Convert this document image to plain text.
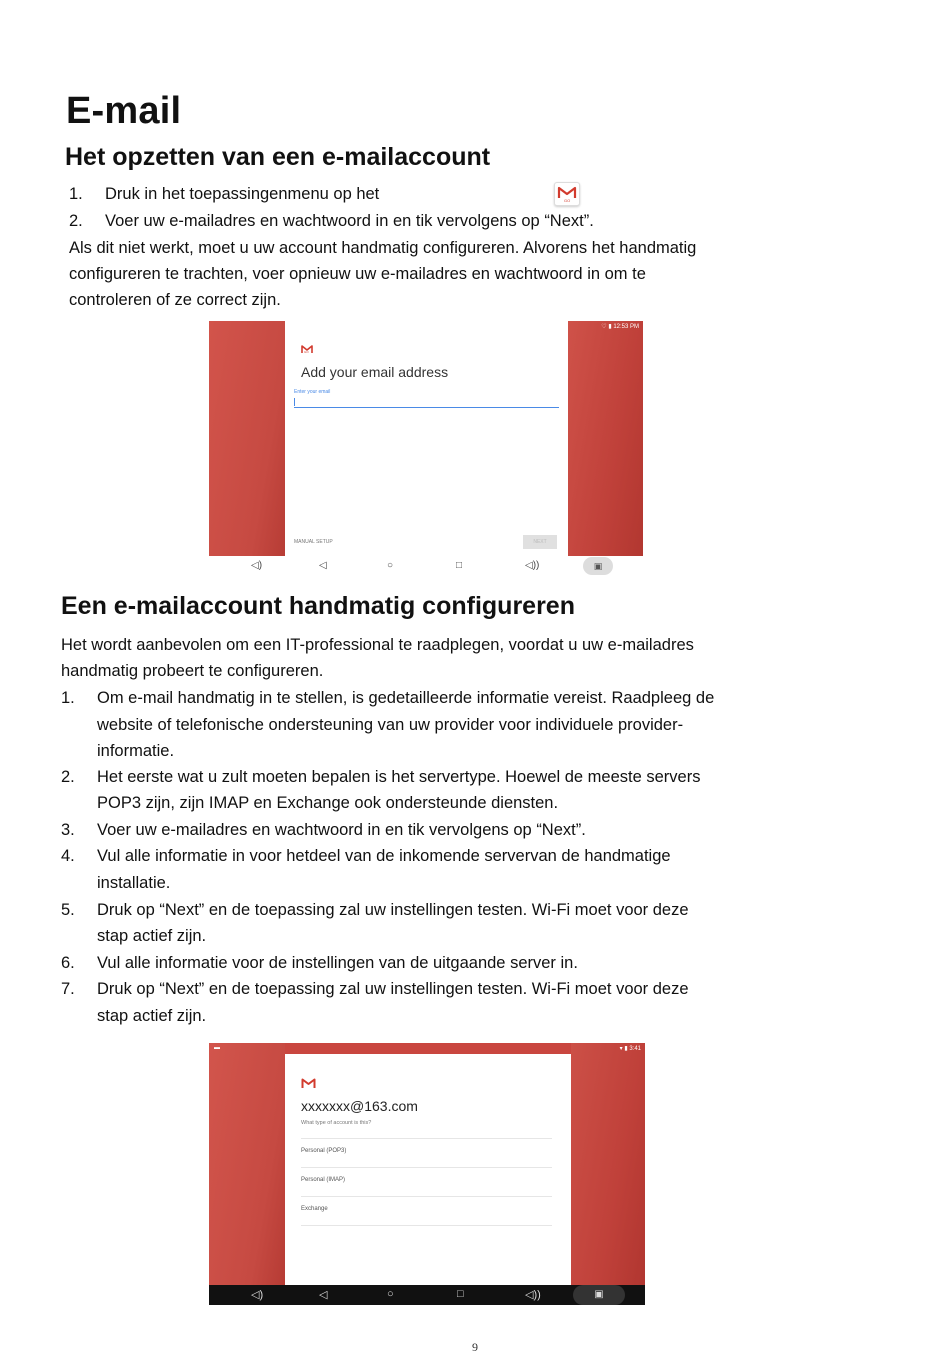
E-mail
Het opzetten van een e-mailaccount
1. Druk in het toepassingenmenu op het	GO
2. Voer uw e-mailadres en wachtwoord in en tik vervolgens op “Next”.

Als dit niet werkt, moet u uw account handmatig configureren. Alvorens het handmatig

configureren te trachten, voer opnieuw uw e-mailadres en wachtwoord in om te

controleren of ze correct zijn.

♡ ▮ 12:53 PM
GO
Add your email address
Enter your email
MANUAL SETUP	NEXT
◁)	◁	○	□	◁))	▣
Een e-mailaccount handmatig configureren

Het wordt aanbevolen om een IT-professional te raadplegen, voordat u uw e-mailadres

handmatig probeert te configureren.

1. Om e-mail handmatig in te stellen, is gedetailleerde informatie vereist. Raadpleeg de
website of telefonische ondersteuning van uw provider voor individuele provider-
informatie.
2. Het eerste wat u zult moeten bepalen is het servertype. Hoewel de meeste servers
POP3 zijn, zijn IMAP en Exchange ook ondersteunde diensten.
3. Voer uw e-mailadres en wachtwoord in en tik vervolgens op “Next”.
4. Vul alle informatie in voor hetdeel van de inkomende servervan de handmatige
installatie.
5. Druk op “Next” en de toepassing zal uw instellingen testen. Wi-Fi moet voor deze
stap actief zijn.
6. Vul alle informatie voor de instellingen van de uitgaande server in.
7. Druk op “Next” en de toepassing zal uw instellingen testen. Wi-Fi moet voor deze
stap actief zijn.
▬	▾ ▮ 3:41
xxxxxxx@163.com
What type of account is this?
Personal (POP3)
Personal (IMAP)
Exchange
◁)	◁	○	□	◁))	▣
9
